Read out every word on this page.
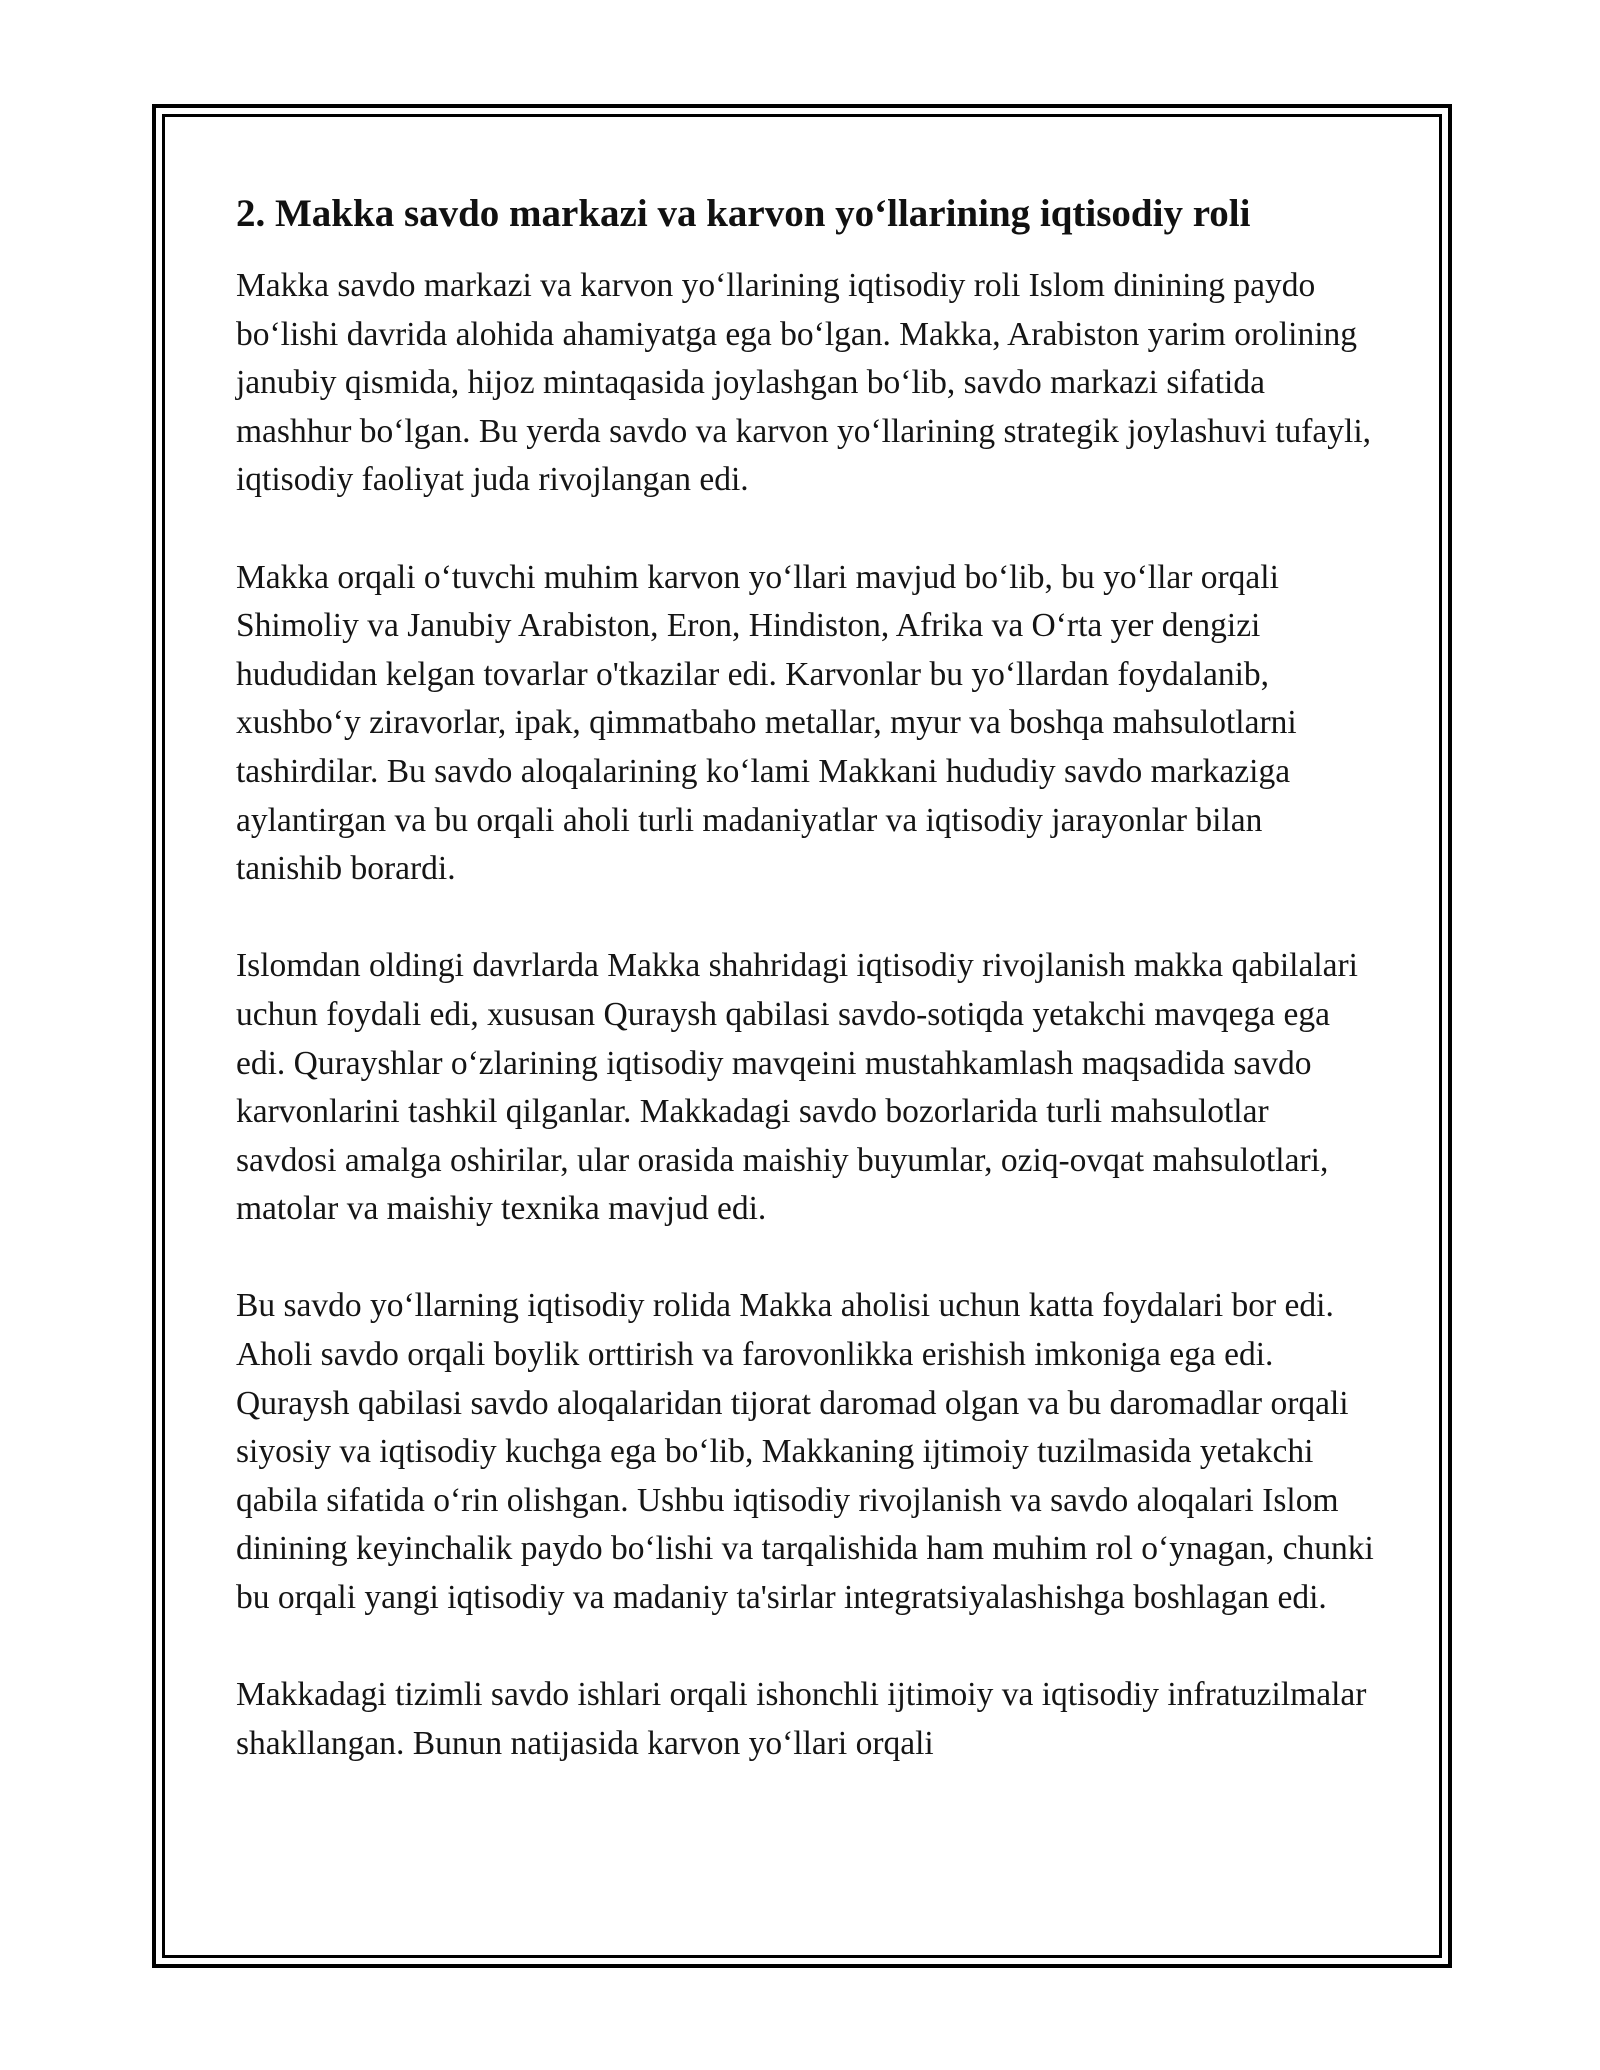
2. Makka savdo markazi va karvon yo‘llarining iqtisodiy roli

Makka savdo markazi va karvon yo‘llarining iqtisodiy roli Islom dinining paydo bo‘lishi davrida alohida ahamiyatga ega bo‘lgan. Makka, Arabiston yarim orolining janubiy qismida, hijoz mintaqasida joylashgan bo‘lib, savdo markazi sifatida mashhur bo‘lgan. Bu yerda savdo va karvon yo‘llarining strategik joylashuvi tufayli, iqtisodiy faoliyat juda rivojlangan edi.

Makka orqali o‘tuvchi muhim karvon yo‘llari mavjud bo‘lib, bu yo‘llar orqali Shimoliy va Janubiy Arabiston, Eron, Hindiston, Afrika va O‘rta yer dengizi hududidan kelgan tovarlar o'tkazilar edi. Karvonlar bu yo‘llardan foydalanib, xushbo‘y ziravorlar, ipak, qimmatbaho metallar, myur va boshqa mahsulotlarni tashirdilar. Bu savdo aloqalarining ko‘lami Makkani hududiy savdo markaziga aylantirgan va bu orqali aholi turli madaniyatlar va iqtisodiy jarayonlar bilan tanishib borardi.

Islomdan oldingi davrlarda Makka shahridagi iqtisodiy rivojlanish makka qabilalari uchun foydali edi, xususan Quraysh qabilasi savdo-sotiqda yetakchi mavqega ega edi. Qurayshlar o‘zlarining iqtisodiy mavqeini mustahkamlash maqsadida savdo karvonlarini tashkil qilganlar. Makkadagi savdo bozorlarida turli mahsulotlar savdosi amalga oshirilar, ular orasida maishiy buyumlar, oziq-ovqat mahsulotlari, matolar va maishiy texnika mavjud edi.

Bu savdo yo‘llarning iqtisodiy rolida Makka aholisi uchun katta foydalari bor edi. Aholi savdo orqali boylik orttirish va farovonlikka erishish imkoniga ega edi. Quraysh qabilasi savdo aloqalaridan tijorat daromad olgan va bu daromadlar orqali siyosiy va iqtisodiy kuchga ega bo‘lib, Makkaning ijtimoiy tuzilmasida yetakchi qabila sifatida o‘rin olishgan. Ushbu iqtisodiy rivojlanish va savdo aloqalari Islom dinining keyinchalik paydo bo‘lishi va tarqalishida ham muhim rol o‘ynagan, chunki bu orqali yangi iqtisodiy va madaniy ta'sirlar integratsiyalashishga boshlagan edi.

Makkadagi tizimli savdo ishlari orqali ishonchli ijtimoiy va iqtisodiy infratuzilmalar shakllangan. Bunun natijasida karvon yo‘llari orqali
